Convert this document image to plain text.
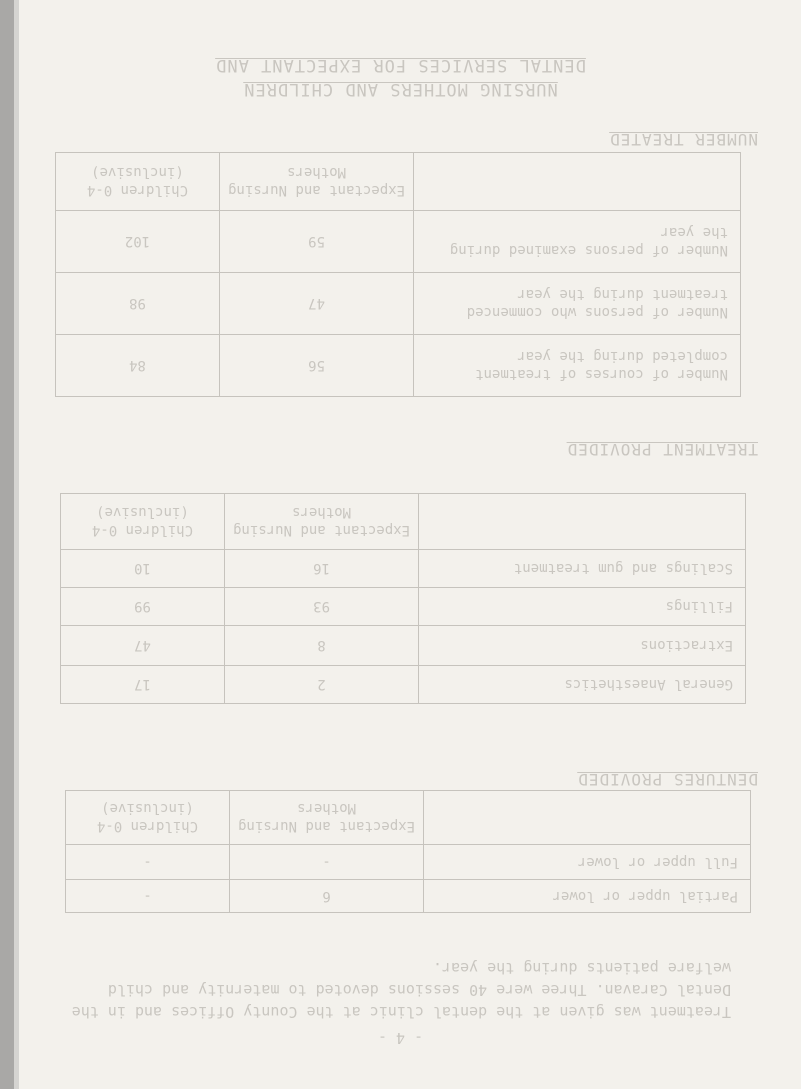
- 4 -
Treatment was given at the dental clinic at the County Offices and in the Dental Caravan. Three were 40 sessions devoted to maternity and child welfare patients during the year.
DENTURES PROVIDED
Partial upper or lower	6	-
Full upper or lower	-	-
	Expectant and Nursing Mothers	Children 0-4 (inclusive)
TREATMENT PROVIDED
General Anaesthetics	2	17
Extractions	8	47
Fillings	93	99
Scalings and gum treatment	16	10
	Expectant and Nursing Mothers	Children 0-4 (inclusive)
NUMBER TREATED
Number of courses of treatment completed during the year	56	84
Number of persons who commenced treatment during the year	47	98
Number of persons examined during the year	59	102
	Expectant and Nursing Mothers	Children 0-4 (inclusive)
NURSING MOTHERS AND CHILDREN
DENTAL SERVICES FOR EXPECTANT AND
